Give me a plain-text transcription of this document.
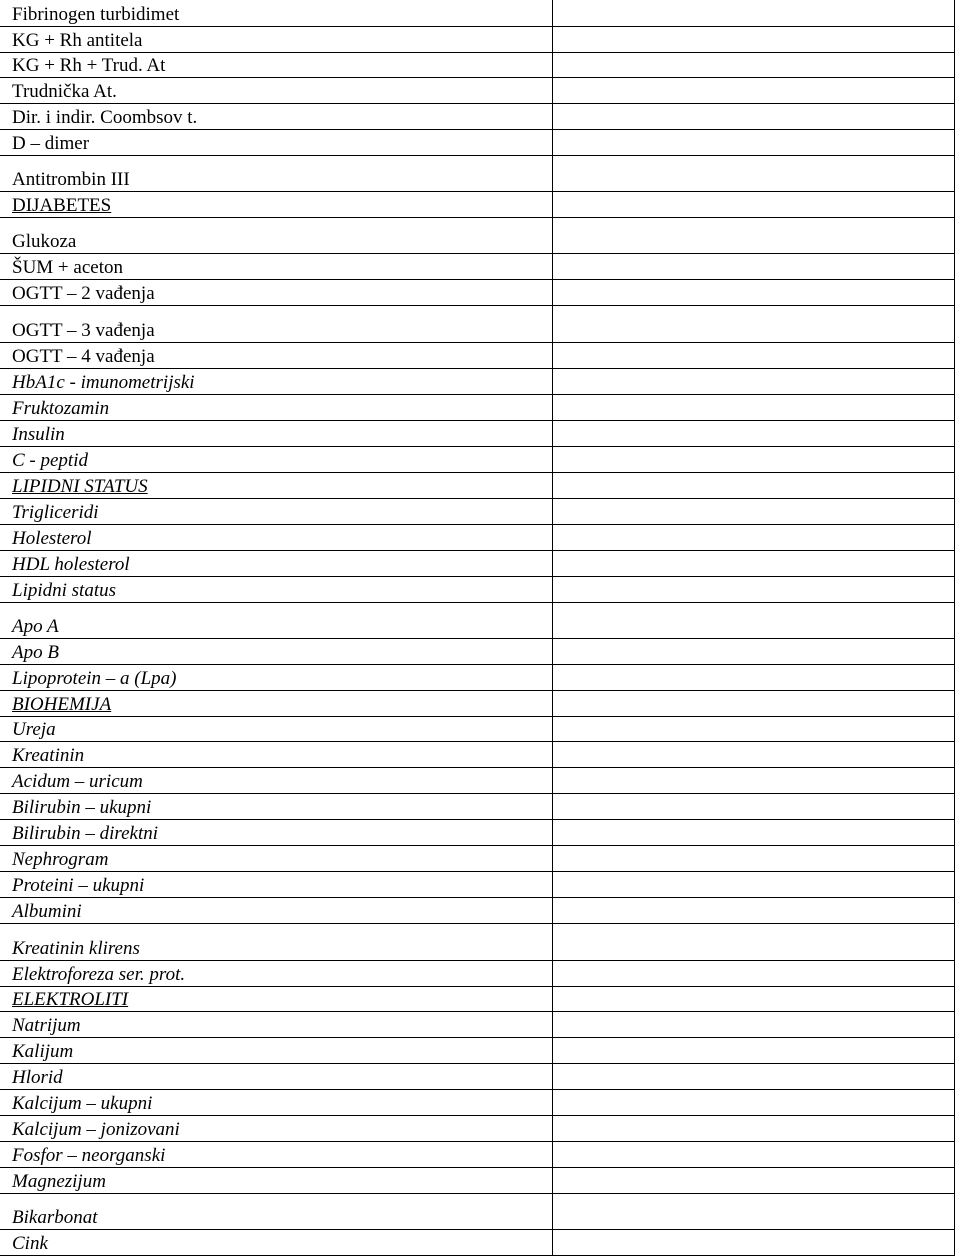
Fibrinogen turbidimet
KG + Rh antitela
KG + Rh + Trud. At
Trudnička At.
Dir. i indir. Coombsov t.
D – dimer
Antitrombin III
DIJABETES
Glukoza
ŠUM + aceton
OGTT – 2 vađenja
OGTT – 3 vađenja
OGTT – 4 vađenja
HbA1c - imunometrijski
Fruktozamin
Insulin
C - peptid
LIPIDNI STATUS
Trigliceridi
Holesterol
HDL holesterol
Lipidni status
Apo A
Apo B
Lipoprotein – a (Lpa)
BIOHEMIJA
Ureja
Kreatinin
Acidum – uricum
Bilirubin – ukupni
Bilirubin – direktni
Nephrogram
Proteini – ukupni
Albumini
Kreatinin klirens
Elektroforeza ser. prot.
ELEKTROLITI
Natrijum
Kalijum
Hlorid
Kalcijum – ukupni
Kalcijum – jonizovani
Fosfor – neorganski
Magnezijum
Bikarbonat
Cink
